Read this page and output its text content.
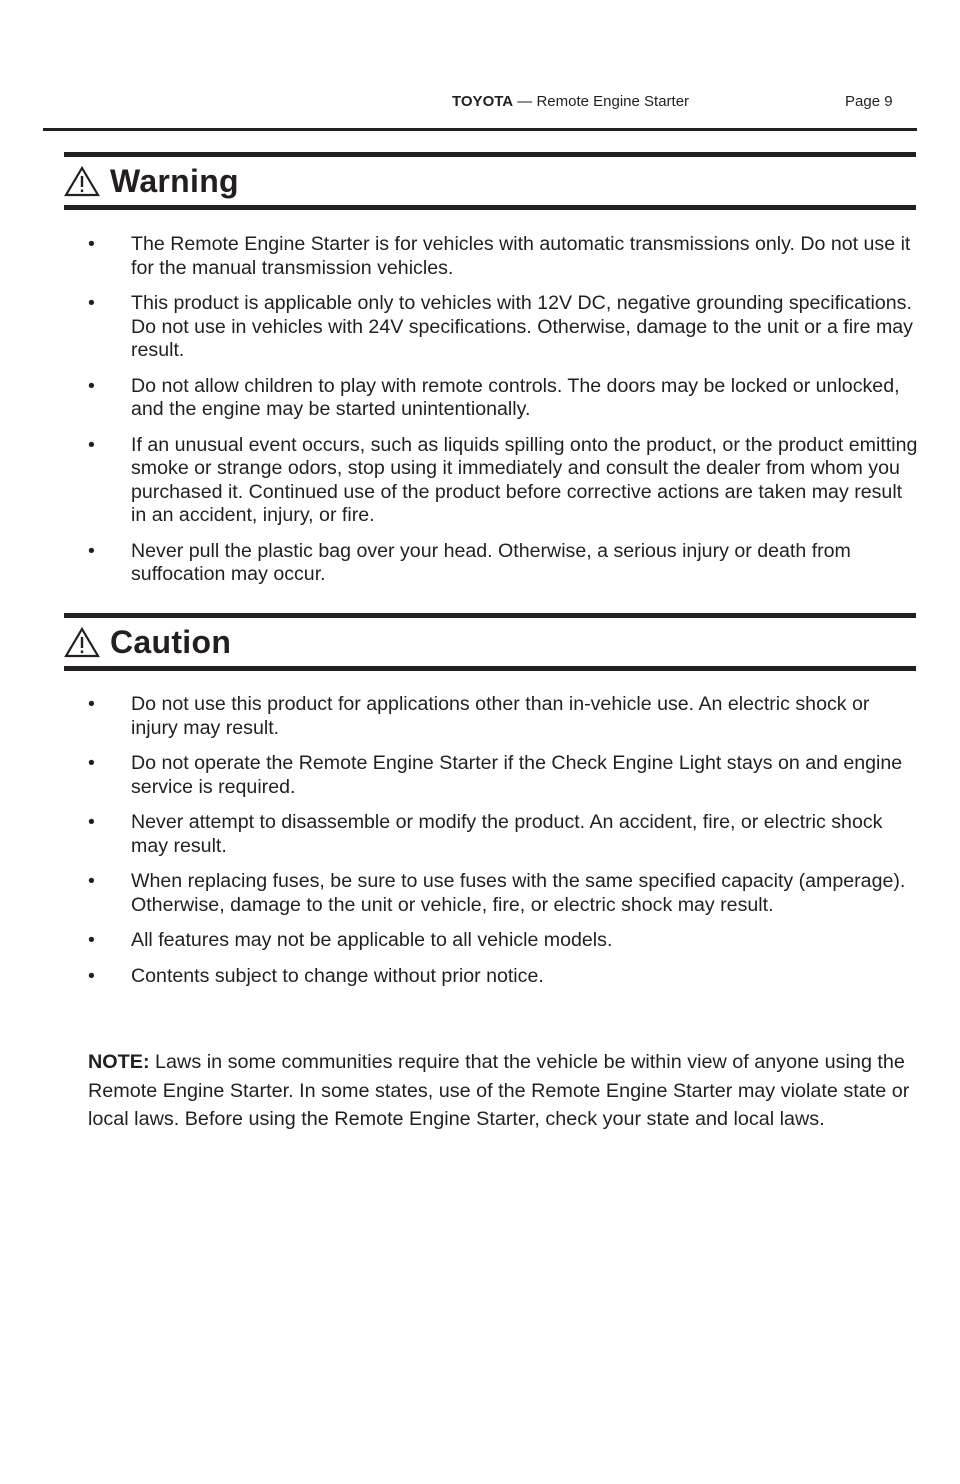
TOYOTA — Remote Engine Starter	Page 9
Warning
• The Remote Engine Starter is for vehicles with automatic transmissions only. Do not use it for the manual transmission vehicles.
• This product is applicable only to vehicles with 12V DC, negative grounding specifications. Do not use in vehicles with 24V specifications. Otherwise, damage to the unit or a fire may result.
• Do not allow children to play with remote controls. The doors may be locked or unlocked, and the engine may be started unintentionally.
• If an unusual event occurs, such as liquids spilling onto the product, or the product emitting smoke or strange odors, stop using it immediately and consult the dealer from whom you purchased it. Continued use of the product before corrective actions are taken may result in an accident, injury, or fire.
• Never pull the plastic bag over your head. Otherwise, a serious injury or death from suffocation may occur.
Caution
• Do not use this product for applications other than in-vehicle use. An electric shock or injury may result.
• Do not operate the Remote Engine Starter if the Check Engine Light stays on and engine service is required.
• Never attempt to disassemble or modify the product. An accident, fire, or electric shock may result.
• When replacing fuses, be sure to use fuses with the same specified capacity (amperage). Otherwise, damage to the unit or vehicle, fire, or electric shock may result.
• All features may not be applicable to all vehicle models.
• Contents subject to change without prior notice.

NOTE: Laws in some communities require that the vehicle be within view of anyone using the Remote Engine Starter. In some states, use of the Remote Engine Starter may violate state or local laws. Before using the Remote Engine Starter, check your state and local laws.
